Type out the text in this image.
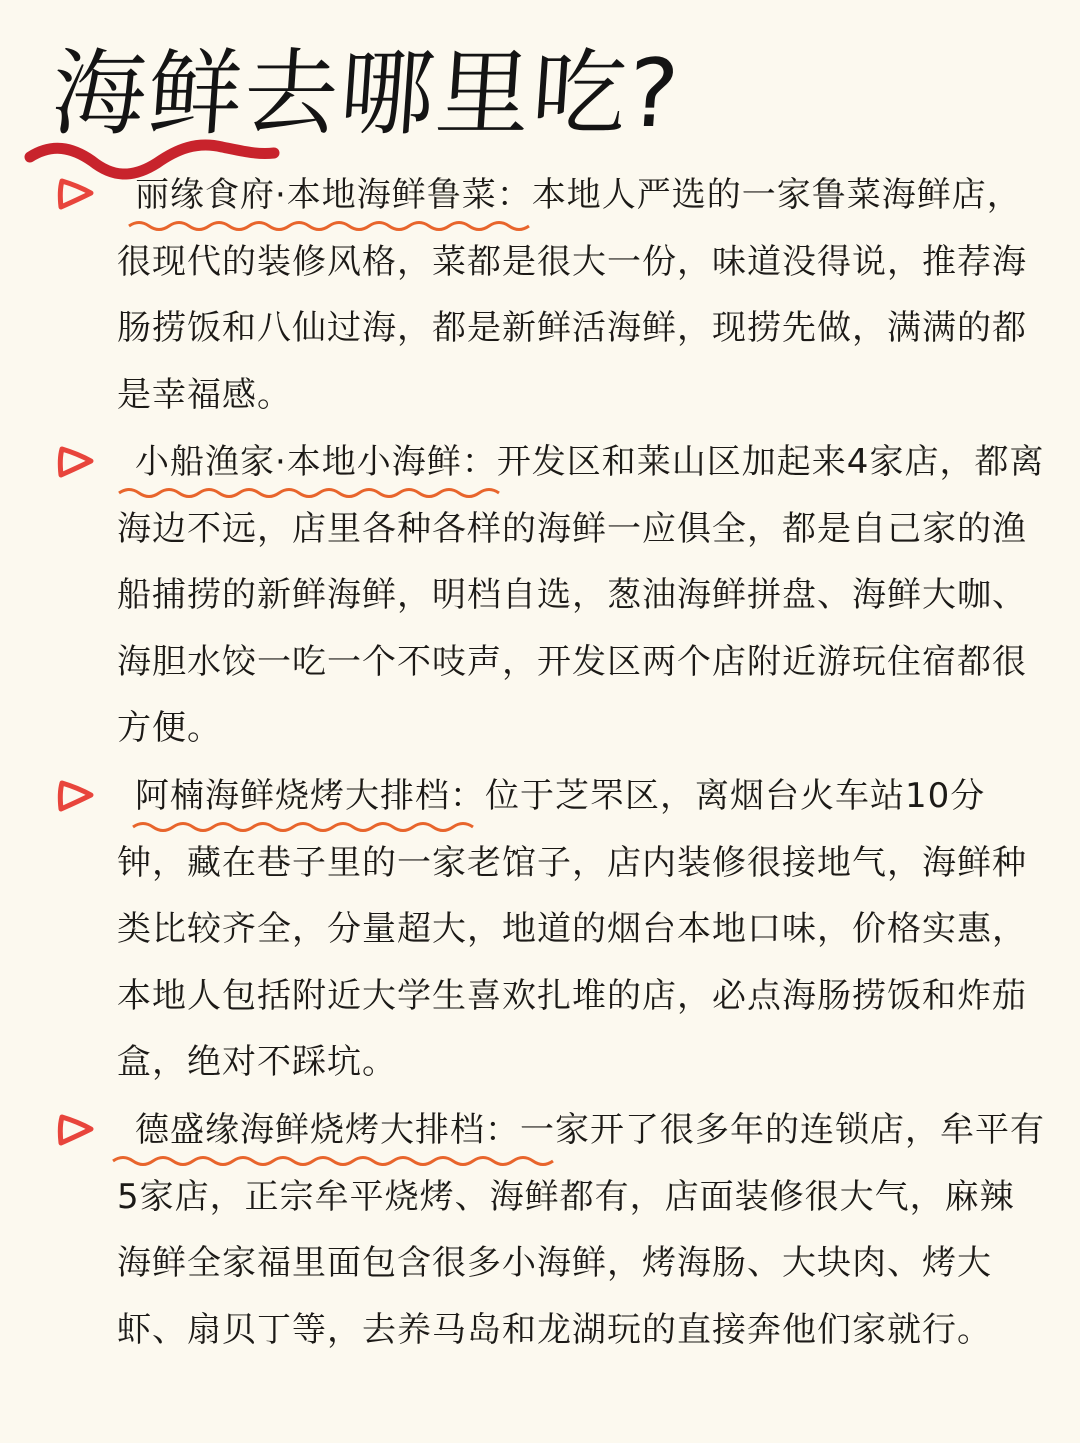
海鲜去哪里吃?
丽缘食府·本地海鲜鲁菜
：本地人严选的一家鲁菜海鲜店，很现代的装修风格，菜都是很大一份，味道没得说，推荐海肠捞饭和八仙过海，都是新鲜活海鲜，现捞先做，满满的都是幸福感。
小船渔家·本地小海鲜
：开发区和莱山区加起来4家店，都离海边不远，店里各种各样的海鲜一应俱全，都是自己家的渔船捕捞的新鲜海鲜，明档自选，葱油海鲜拼盘、海鲜大咖、海胆水饺一吃一个不吱声，开发区两个店附近游玩住宿都很方便。
阿楠海鲜烧烤大排档
：位于芝罘区，离烟台火车站10分钟，藏在巷子里的一家老馆子，店内装修很接地气，海鲜种类比较齐全，分量超大，地道的烟台本地口味，价格实惠，本地人包括附近大学生喜欢扎堆的店，必点海肠捞饭和炸茄盒，绝对不踩坑。
德盛缘海鲜烧烤大排档
：一家开了很多年的连锁店，牟平有5家店，正宗牟平烧烤、海鲜都有，店面装修很大气，麻辣海鲜全家福里面包含很多小海鲜，烤海肠、大块肉、烤大虾、扇贝丁等，去养马岛和龙湖玩的直接奔他们家就行。
